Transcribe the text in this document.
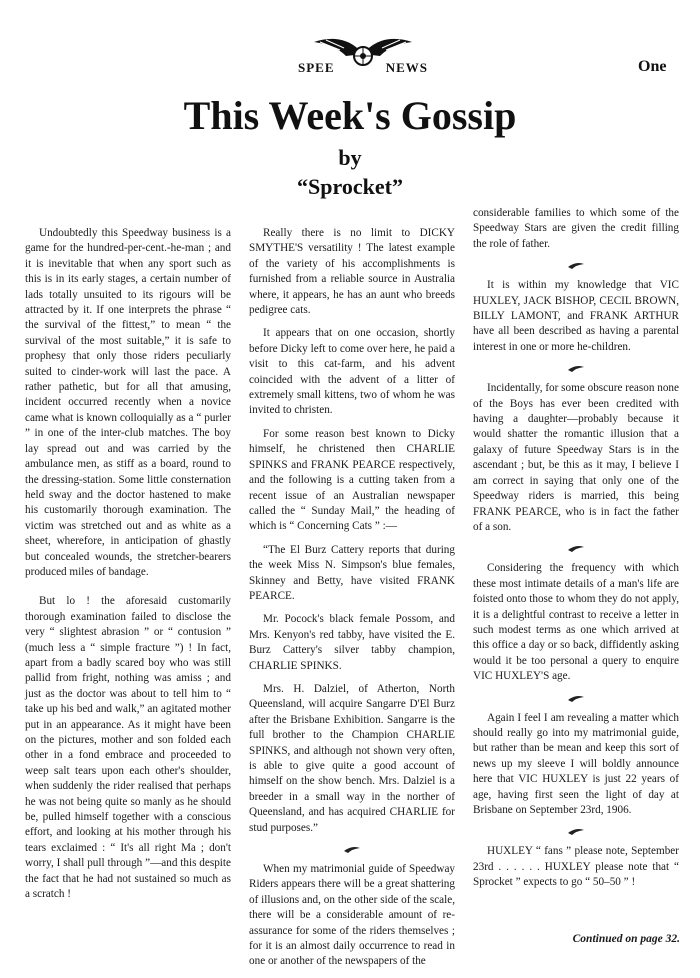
SPEE	NEWS	One
This Week's Gossip
by
“Sprocket”

Undoubtedly this Speedway business is a game for the hundred-per-cent.-he-man ; and it is inevitable that when any sport such as this is in its early stages, a certain number of lads totally unsuited to its rigours will be attracted by it. If one interprets the phrase “ the survival of the fittest,” to mean “ the survival of the most suitable,” it is safe to prophesy that only those riders peculiarly suited to cinder-work will last the pace. A rather pathetic, but for all that amusing, incident occurred recently when a novice came what is known colloquially as a “ purler ” in one of the inter-club matches. The boy lay spread out and was carried by the ambulance men, as stiff as a board, round to the dressing-station. Some little consternation held sway and the doctor hastened to make his customarily thorough examination. The victim was stretched out and as white as a sheet, wherefore, in anticipation of ghastly but concealed wounds, the stretcher-bearers produced miles of bandage.

But lo ! the aforesaid customarily thorough examination failed to disclose the very “ slightest abrasion ” or “ contusion ” (much less a “ simple fracture ”) ! In fact, apart from a badly scared boy who was still pallid from fright, nothing was amiss ; and just as the doctor was about to tell him to “ take up his bed and walk,” an agitated mother put in an appearance. As it might have been on the pictures, mother and son folded each other in a fond embrace and proceeded to weep salt tears upon each other's shoulder, when suddenly the rider realised that perhaps he was not being quite so manly as he should be, pulled himself together with a conscious effort, and looking at his mother through his tears exclaimed : “ It's all right Ma ; don't worry, I shall pull through ”—and this despite the fact that he had not sustained so much as a scratch !

Really there is no limit to DICKY SMYTHE'S versatility ! The latest example of the variety of his accomplishments is furnished from a reliable source in Australia where, it appears, he has an aunt who breeds pedigree cats.

It appears that on one occasion, shortly before Dicky left to come over here, he paid a visit to this cat-farm, and his advent coincided with the advent of a litter of extremely small kittens, two of whom he was invited to christen.

For some reason best known to Dicky himself, he christened then CHARLIE SPINKS and FRANK PEARCE respectively, and the following is a cutting taken from a recent issue of an Australian newspaper called the “ Sunday Mail,” the heading of which is “ Concerning Cats ” :—

“The El Burz Cattery reports that during the week Miss N. Simpson's blue females, Skinney and Betty, have visited FRANK PEARCE.

Mr. Pocock's black female Possom, and Mrs. Kenyon's red tabby, have visited the E. Burz Cattery's silver tabby champion, CHARLIE SPINKS.

Mrs. H. Dalziel, of Atherton, North Queensland, will acquire Sangarre D'El Burz after the Brisbane Exhibition. Sangarre is the full brother to the Champion CHARLIE SPINKS, and although not shown very often, is able to give quite a good account of himself on the show bench. Mrs. Dalziel is a breeder in a small way in the norther of Queensland, and has acquired CHARLIE for stud purposes.”

When my matrimonial guide of Speedway Riders appears there will be a great shattering of illusions and, on the other side of the scale, there will be a considerable amount of re-assurance for some of the riders themselves ; for it is an almost daily occurrence to read in one or another of the newspapers of the

considerable families to which some of the Speedway Stars are given the credit filling the role of father.

It is within my knowledge that VIC HUXLEY, JACK BISHOP, CECIL BROWN, BILLY LAMONT, and FRANK ARTHUR have all been described as having a parental interest in one or more he-children.

Incidentally, for some obscure reason none of the Boys has ever been credited with having a daughter—probably because it would shatter the romantic illusion that a galaxy of future Speedway Stars is in the ascendant ; but, be this as it may, I believe I am correct in saying that only one of the Speedway riders is married, this being FRANK PEARCE, who is in fact the father of a son.

Considering the frequency with which these most intimate details of a man's life are foisted onto those to whom they do not apply, it is a delightful contrast to receive a letter in such modest terms as one which arrived at this office a day or so back, diffidently asking would it be too personal a query to enquire VIC HUXLEY'S age.

Again I feel I am revealing a matter which should really go into my matrimonial guide, but rather than be mean and keep this sort of news up my sleeve I will boldly announce here that VIC HUXLEY is just 22 years of age, having first seen the light of day at Brisbane on September 23rd, 1906.

HUXLEY “ fans ” please note, September 23rd . . . . . . HUXLEY please note that “ Sprocket ” expects to go “ 50–50 ” !

Continued on page 32.
